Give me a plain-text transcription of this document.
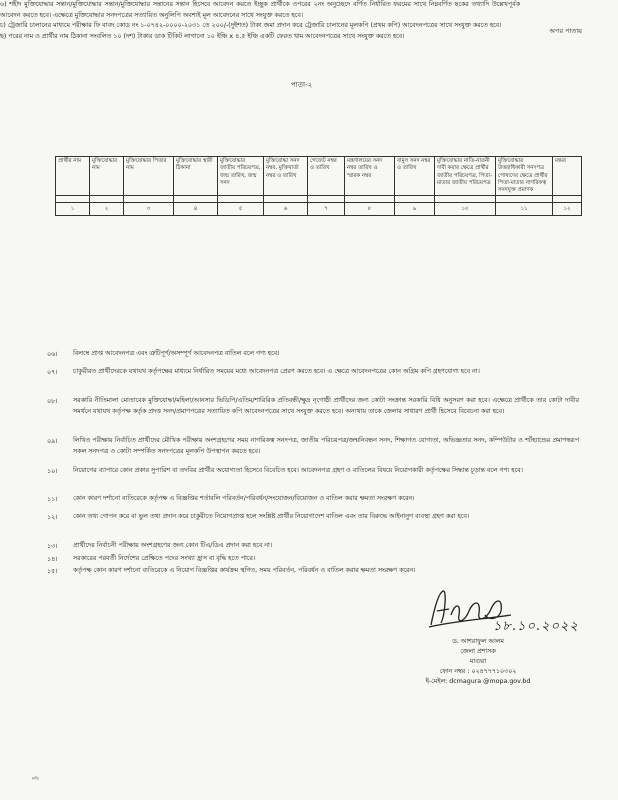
অপর পাতায়
পাতা-২
৬) শহীদ মুক্তিযোদ্ধার সন্তান/মুক্তিযোদ্ধার সন্তান/মুক্তিযোদ্ধার সন্তানের সন্তান হিসেবে আবেদন করতে ইচ্ছুক প্রার্থীকে ওপরের ২নং অনুচ্ছেদে বর্ণিত নির্ধারিত ফরমের সাথে নিম্নবর্ণিত ছকের তথ্যাদি উল্লেখপূর্বক আবেদন করতে হবে। এক্ষেত্রে মুক্তিযোদ্ধার সনদপত্রের সত্যায়িত অনুলিপি অবশ্যই মূল আবেদনের সাথে সংযুক্ত করতে হবে।
প্রার্থীর নাম	মুক্তিযোদ্ধার নাম	মুক্তিযোদ্ধার পিতার নাম	মুক্তিযোদ্ধার স্থায়ী ঠিকানা	মুক্তিযোদ্ধার জাতীয় পরিচয়পত্র, জন্ম তারিখ, জন্ম সনদ	মুক্তিযোদ্ধা সনদ নম্বর, মুক্তিবার্তা নম্বর ও তারিখ	গেজেট নম্বর ও তারিখ	মন্ত্রণালয়ের সনদ নম্বর তারিখ ও স্মারক নম্বর	বামুস সনদ নম্বর ও তারিখ	মুক্তিযোদ্ধার নাতি-নাতনী দাবী করার ক্ষেত্রে প্রার্থীর জাতীয় পরিচয়পত্র, পিতা-মাতার জাতীয় পরিচয়পত্র	মুক্তিযোদ্ধার উত্তরাধিকারী সনদপত্র পোষ্যদের ক্ষেত্রে প্রার্থীর পিতা-মাতার নাগরিকত্ব সনদযুক্ত প্রমাণক	মন্তব্য

১	২	৩	৪	৫	৬	৭	৮	৯	১০	১১	১২
চ) ট্রেজারি চালানের মাধ্যমে পরীক্ষার ফি বাবদ কোড নং ১-০৭৪২-০০০০-২০৩১ তে ২০০/-(দুইশত) টাকা জমা প্রদান করে ট্রেজারি চালানের মূলকপি (প্রথম কপি) আবেদনপত্রের সাথে সংযুক্ত করতে হবে।
ছ) পরের নাম ও প্রার্থীর নাম ঠিকানা সংবলিত ১০ (দশ) টাকার ডাক টিকিট লাগানো ১০ ইঞ্চি x ৪.৫ ইঞ্চি একটি ফেরত খাম আবেদনপত্রের সাথে সংযুক্ত করতে হবে।
০৬। বিলম্বে প্রাপ্ত আবেদনপত্র এবং ত্রুটিপূর্ণ/অসম্পূর্ণ আবেদনপত্র বাতিল বলে গণ্য হবে।
০৭। চাকুরীরত প্রার্থীদেরকে যথাযথ কর্তৃপক্ষের মাধ্যমে নির্ধারিত সময়ের মধ্যে আবেদনপত্র প্রেরণ করতে হবে। এ ক্ষেত্রে আবেদনপত্রের কোন অগ্রিম কপি গ্রহণযোগ্য হবে না।
০৮। সরকারি নীতিমালা মোতাবেক মুক্তিযোদ্ধা/মহিলা/আনসার ভিডিপি/এতিম/শারিরিক প্রতিবন্ধী/ক্ষুদ্র নৃগোষ্ঠী প্রার্থীদের জন্য কোটা সংক্রান্ত সরকারি বিধি অনুসরণ করা হবে। এক্ষেত্রে প্রার্থীকে তার কোটা দাবীর সমর্থনে যথাযথ কর্তৃপক্ষ কর্তৃক প্রদত্ত সনদ/প্রমাণপত্রের সত্যায়িত কপি আবেদনপত্রের সাথে সংযুক্ত করতে হবে। অন্যথায় তাকে জেলার সাধারণ প্রার্থী হিসেবে বিবেচনা করা হবে।
০৯। লিখিত পরীক্ষায় নির্বাচিত প্রার্থীদের মৌখিক পরীক্ষায় অংশগ্রহণের সময় নাগরিকত্ব সনদপত্র, জাতীয় পরিচয়পত্র/জন্মনিবন্ধন সনদ, শিক্ষাগত যোগ্যতা, অভিজ্ঞতার সনদ, কম্পিউটার ও শর্টহ্যান্ডের প্রমাণস্বরূপ সকল সনদপত্র ও কোটা সম্পর্কিত সনদপত্রের মূলকপি উপস্থাপন করতে হবে।
১০। নিয়োগের ব্যাপারে কোন প্রকার সুপারিশ বা তদবির প্রার্থীর অযোগ্যতা হিসেবে বিবেচিত হবে। আবেদনপত্র গ্রহণ ও বাতিলের বিষয়ে নিয়োগকারী কর্তৃপক্ষের সিদ্ধান্ত চূড়ান্ত বলে গণ্য হবে।
১১। কোন কারণ দর্শানো ব্যতিরেকে কর্তৃপক্ষ এ বিজ্ঞপ্তির শর্তাবলি পরিবর্তন/পরিবর্ধন/সংযোজন/বিয়োজন ও বাতিল করার ক্ষমতা সংরক্ষণ করেন।
১২। কোন তথ্য গোপন করে বা ভুল তথ্য প্রদান করে চাকুরীতে নিয়োগপ্রাপ্ত হলে সংশ্লিষ্ট প্রার্থীর নিয়োগাদেশ বাতিল এবং তার বিরুদ্ধে আইনানুগ ব্যবস্থা গ্রহণ করা হবে।
১৩। প্রার্থীদের নির্বাচনী পরীক্ষায় অংশগ্রহণের জন্য কোন টিএ/ডিএ প্রদান করা হবে না।
১৪। সরকারের পরবর্তী নির্দেশের প্রেক্ষিতে পদের সংখ্যা হ্রাস বা বৃদ্ধি হতে পারে।
১৫। কর্তৃপক্ষ কোন কারণ দর্শানো ব্যতিরেকে এ নিয়োগ বিজ্ঞপ্তির কার্যক্রম স্থগিত, সময় পরিবর্তন, পরিবর্ধন ও বাতিল করার ক্ষমতা সংরক্ষণ করেন।
১৮.১০.২০২২
ড. আশরাফুল আলম
জেলা প্রশাসক
মাগুরা
ফোন নম্বর : ০২৪৭৭৭১০৩০২
ই-মেইল: dcmagura @mopa.gov.bd
নথি
